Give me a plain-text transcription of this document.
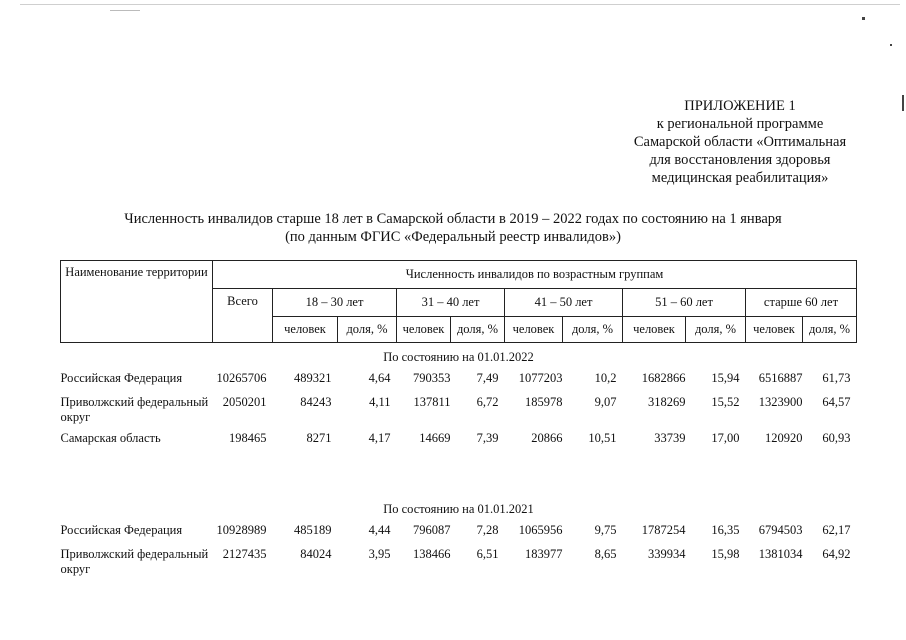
ПРИЛОЖЕНИЕ 1
к региональной программе
Самарской области «Оптимальная
для восстановления здоровья
медицинская реабилитация»
Численность инвалидов старше 18 лет в Самарской области в 2019 – 2022 годах по состоянию на 1 января
(по данным ФГИС «Федеральный реестр инвалидов»)
Наименование территории	Численность инвалидов по возрастным группам										
	Всего	18 – 30 лет		31 – 40 лет		41 – 50 лет		51 – 60 лет		старше 60 лет	
		человек	доля, %	человек	доля, %	человек	доля, %	человек	доля, %	человек	доля, %
По состоянию на 01.01.2022											
Российская Федерация	10265706	489321	4,64	790353	7,49	1077203	10,2	1682866	15,94	6516887	61,73
Приволжский федеральный округ	2050201	84243	4,11	137811	6,72	185978	9,07	318269	15,52	1323900	64,57
Самарская область	198465	8271	4,17	14669	7,39	20866	10,51	33739	17,00	120920	60,93

По состоянию на 01.01.2021											
Российская Федерация	10928989	485189	4,44	796087	7,28	1065956	9,75	1787254	16,35	6794503	62,17
Приволжский федеральный округ	2127435	84024	3,95	138466	6,51	183977	8,65	339934	15,98	1381034	64,92
